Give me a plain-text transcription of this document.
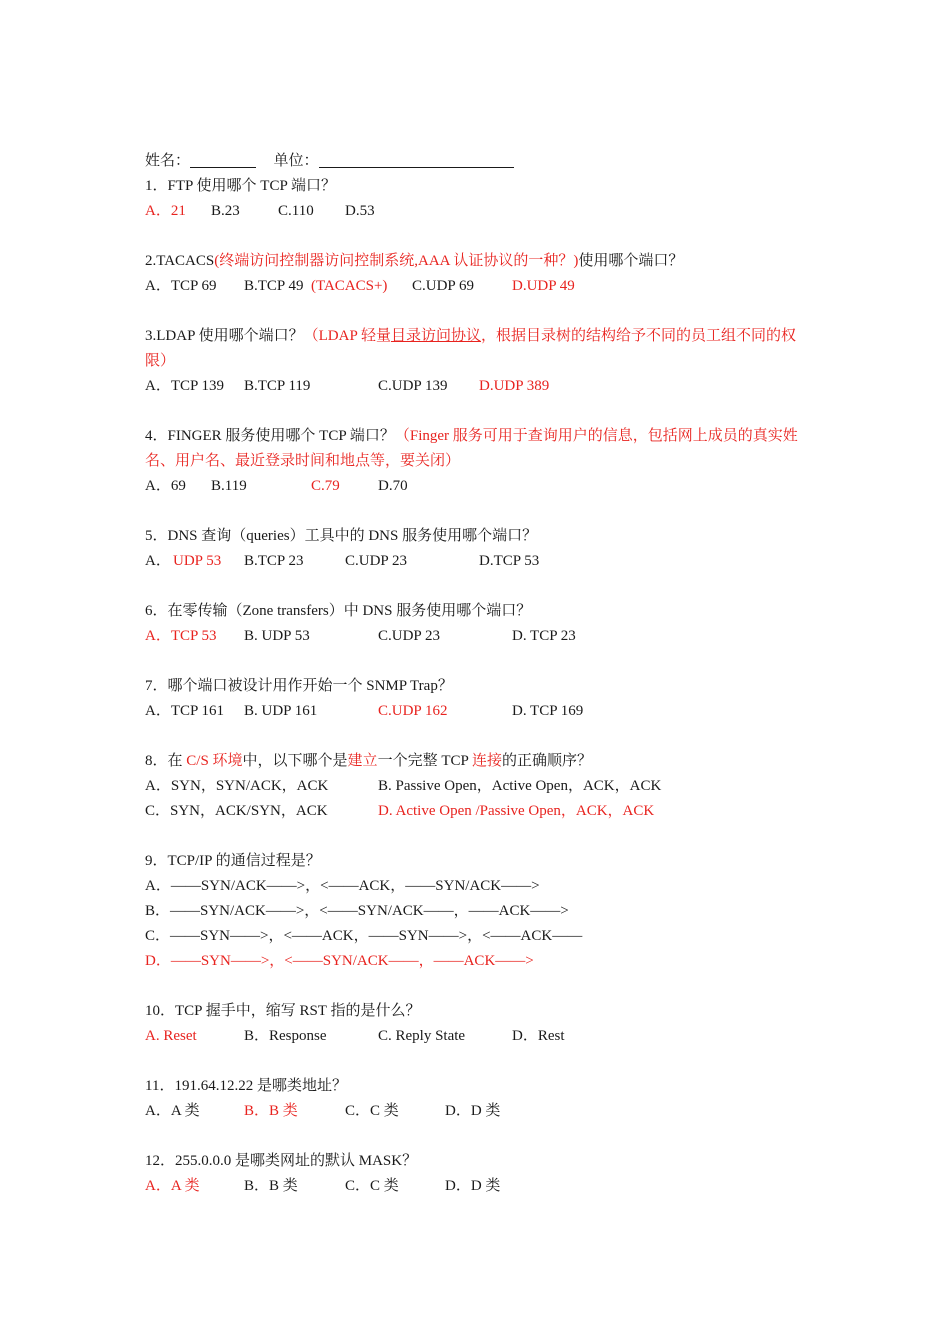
姓名：	单位：
1．FTP 使用哪个 TCP 端口？
A．21 B.23	C.110 D.53
2.TACACS(终端访问控制器访问控制系统,AAA 认证协议的一种？)使用哪个端口？
A．TCP 69 B.TCP 49 (TACACS+) C.UDP 69	D.UDP 49
3.LDAP 使用哪个端口？（LDAP 轻量目录访问协议，根据目录树的结构给予不同的员工组不同的权限）
A．TCP 139 B.TCP 119	C.UDP 139 D.UDP 389
4．FINGER 服务使用哪个 TCP 端口？（Finger 服务可用于查询用户的信息，包括网上成员的真实姓名、用户名、最近登录时间和地点等，要关闭）
A．69 B.119	C.79	D.70
5．DNS 查询（queries）工具中的 DNS 服务使用哪个端口？
A． UDP 53 B.TCP 23	C.UDP 23	D.TCP 53
6．在零传输（Zone transfers）中 DNS 服务使用哪个端口？
A．TCP 53 B. UDP 53	C.UDP 23	D. TCP 23
7．哪个端口被设计用作开始一个 SNMP Trap？
A．TCP 161 B. UDP 161	C.UDP 162	D. TCP 169
8．在 C/S 环境中，以下哪个是建立一个完整 TCP 连接的正确顺序？
A．SYN，SYN/ACK，ACK	B. Passive Open，Active Open，ACK，ACK
C．SYN，ACK/SYN，ACK	D. Active Open /Passive Open，ACK，ACK
9．TCP/IP 的通信过程是？
A．——SYN/ACK——>，<——ACK，——SYN/ACK——>
B．——SYN/ACK——>，<——SYN/ACK——，——ACK——>
C．——SYN——>，<——ACK，——SYN——>，<——ACK——
D．——SYN——>，<——SYN/ACK——，——ACK——>
10．TCP 握手中，缩写 RST 指的是什么？
A. Reset	B．Response	C. Reply State	D．Rest
11．191.64.12.22 是哪类地址？
A．A 类	B．B 类	C．C 类	D．D 类
12．255.0.0.0 是哪类网址的默认 MASK？
A．A 类	B．B 类	C．C 类	D．D 类
